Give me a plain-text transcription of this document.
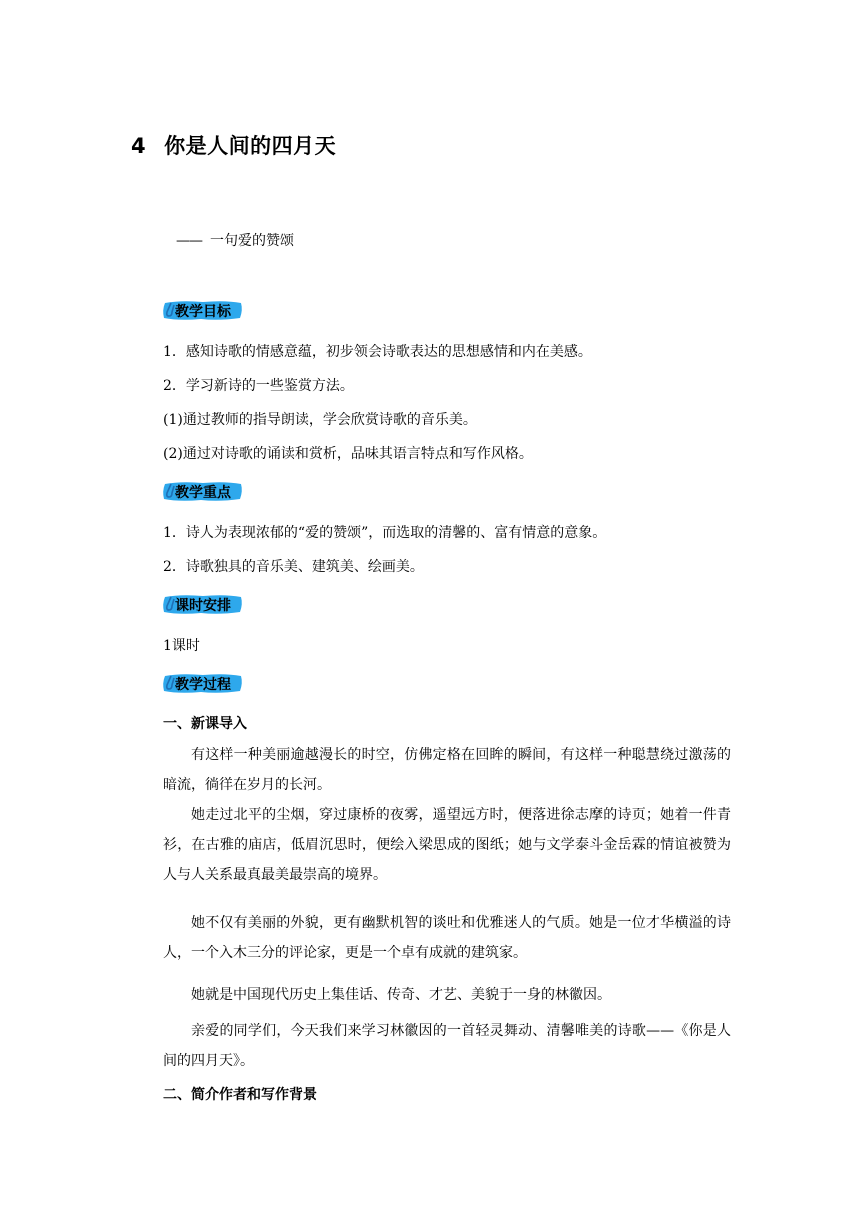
4 你是人间的四月天
—— 一句爱的赞颂
教学目标
1．感知诗歌的情感意蕴，初步领会诗歌表达的思想感情和内在美感。
2．学习新诗的一些鉴赏方法。
(1)通过教师的指导朗读，学会欣赏诗歌的音乐美。
(2)通过对诗歌的诵读和赏析，品味其语言特点和写作风格。
教学重点
1．诗人为表现浓郁的“爱的赞颂”，而选取的清馨的、富有情意的意象。
2．诗歌独具的音乐美、建筑美、绘画美。
课时安排
1课时
教学过程
一、新课导入
有这样一种美丽逾越漫长的时空，仿佛定格在回眸的瞬间，有这样一种聪慧绕过激荡的暗流，徜徉在岁月的长河。
她走过北平的尘烟，穿过康桥的夜雾，遥望远方时，便落进徐志摩的诗页；她着一件青衫，在古雅的庙店，低眉沉思时，便绘入梁思成的图纸；她与文学泰斗金岳霖的情谊被赞为人与人关系最真最美最崇高的境界。
她不仅有美丽的外貌，更有幽默机智的谈吐和优雅迷人的气质。她是一位才华横溢的诗人，一个入木三分的评论家，更是一个卓有成就的建筑家。
她就是中国现代历史上集佳话、传奇、才艺、美貌于一身的林徽因。
亲爱的同学们，今天我们来学习林徽因的一首轻灵舞动、清馨唯美的诗歌——《你是人间的四月天》。
二、简介作者和写作背景
